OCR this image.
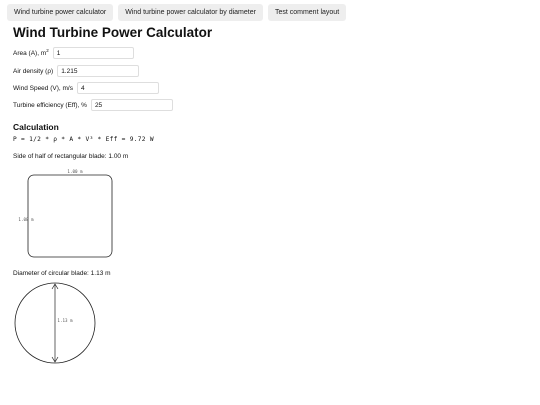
Wind turbine power calculator	Wind turbine power calculator by diameter	Test comment layout
Wind Turbine Power Calculator
Area (A), $m^2$
1
Air density (ρ)
1.215
Wind Speed (V), m/s
4
Turbine efficiency (Eff), %
25
Calculation
P = 1/2 * ρ * A * V³ * Eff = 9.72 W
Side of half of rectangular blade: 1.00 m
1.00 m
1.00 m
Diameter of circular blade: 1.13 m
1.13 m
